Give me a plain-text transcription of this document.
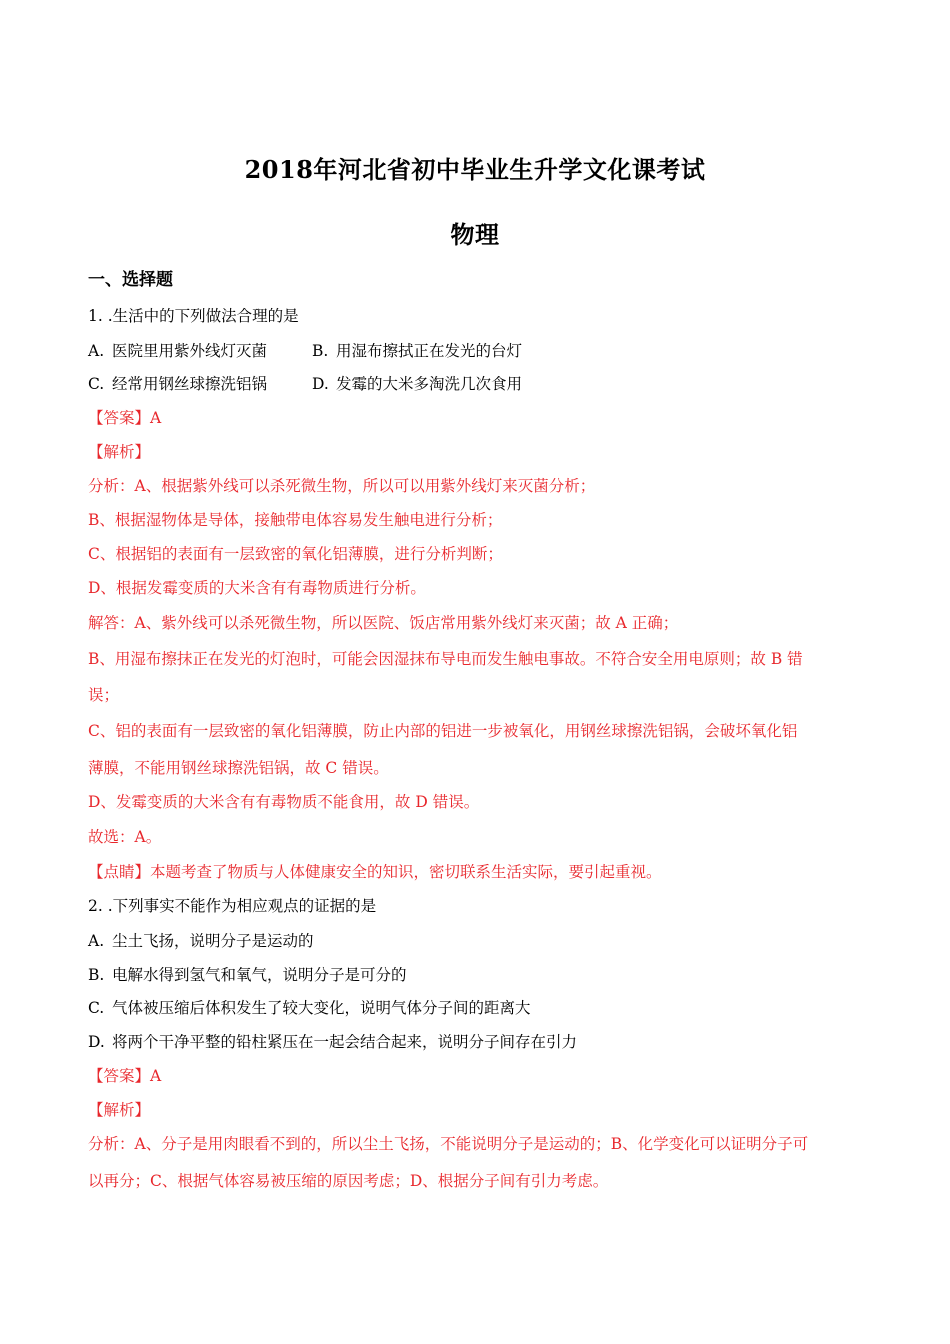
2018年河北省初中毕业生升学文化课考试
物理
一、选择题
1. .生活中的下列做法合理的是
A. 医院里用紫外线灯灭菌	B. 用湿布擦拭正在发光的台灯
C. 经常用钢丝球擦洗铝锅	D. 发霉的大米多淘洗几次食用
【答案】A
【解析】
分析：A、根据紫外线可以杀死微生物，所以可以用紫外线灯来灭菌分析；
B、根据湿物体是导体，接触带电体容易发生触电进行分析；
C、根据铝的表面有一层致密的氧化铝薄膜，进行分析判断；
D、根据发霉变质的大米含有有毒物质进行分析。
解答：A、紫外线可以杀死微生物，所以医院、饭店常用紫外线灯来灭菌；故 A 正确；
B、用湿布擦抹正在发光的灯泡时，可能会因湿抹布导电而发生触电事故。不符合安全用电原则；故 B 错
误；
C、铝的表面有一层致密的氧化铝薄膜，防止内部的铝进一步被氧化，用钢丝球擦洗铝锅，会破坏氧化铝
薄膜，不能用钢丝球擦洗铝锅，故 C 错误。
D、发霉变质的大米含有有毒物质不能食用，故 D 错误。
故选：A。
【点睛】本题考查了物质与人体健康安全的知识，密切联系生活实际，要引起重视。
2. .下列事实不能作为相应观点的证据的是
A. 尘土飞扬，说明分子是运动的
B. 电解水得到氢气和氧气，说明分子是可分的
C. 气体被压缩后体积发生了较大变化，说明气体分子间的距离大
D. 将两个干净平整的铅柱紧压在一起会结合起来，说明分子间存在引力
【答案】A
【解析】
分析：A、分子是用肉眼看不到的，所以尘土飞扬，不能说明分子是运动的；B、化学变化可以证明分子可
以再分；C、根据气体容易被压缩的原因考虑；D、根据分子间有引力考虑。
